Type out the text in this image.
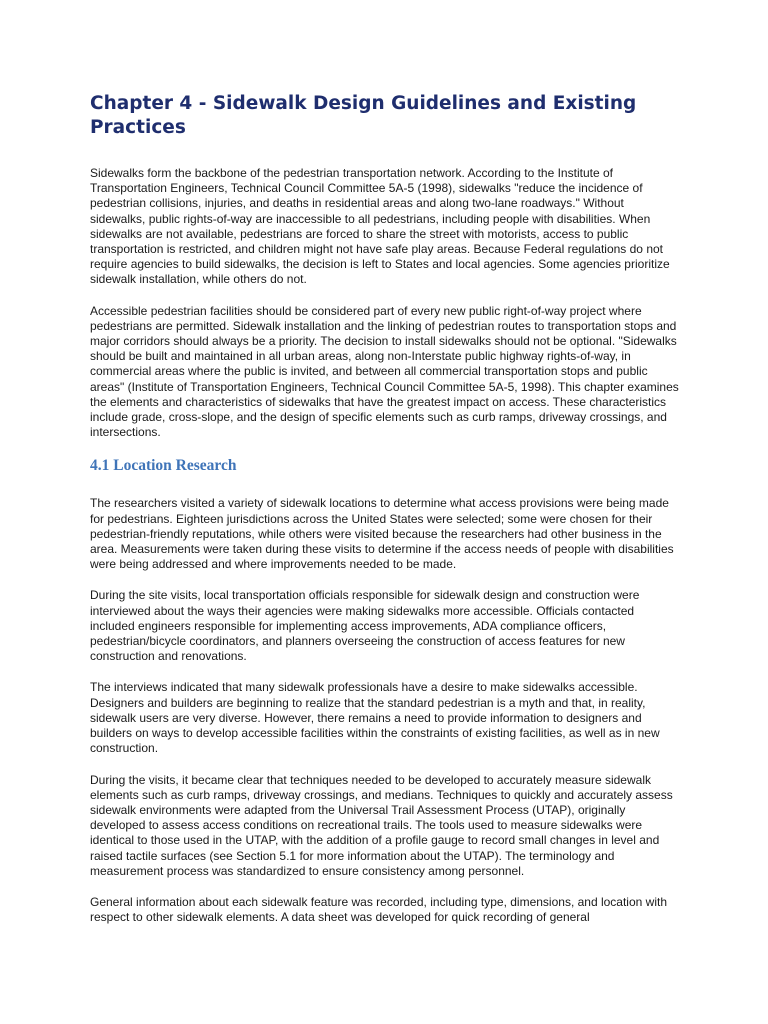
Chapter 4 - Sidewalk Design Guidelines and Existing Practices

Sidewalks form the backbone of the pedestrian transportation network. According to the Institute of Transportation Engineers, Technical Council Committee 5A-5 (1998), sidewalks "reduce the incidence of pedestrian collisions, injuries, and deaths in residential areas and along two-lane roadways." Without sidewalks, public rights-of-way are inaccessible to all pedestrians, including people with disabilities. When sidewalks are not available, pedestrians are forced to share the street with motorists, access to public transportation is restricted, and children might not have safe play areas. Because Federal regulations do not require agencies to build sidewalks, the decision is left to States and local agencies. Some agencies prioritize sidewalk installation, while others do not.

Accessible pedestrian facilities should be considered part of every new public right-of-way project where pedestrians are permitted. Sidewalk installation and the linking of pedestrian routes to transportation stops and major corridors should always be a priority. The decision to install sidewalks should not be optional. "Sidewalks should be built and maintained in all urban areas, along non-Interstate public highway rights-of-way, in commercial areas where the public is invited, and between all commercial transportation stops and public areas" (Institute of Transportation Engineers, Technical Council Committee 5A-5, 1998). This chapter examines the elements and characteristics of sidewalks that have the greatest impact on access. These characteristics include grade, cross-slope, and the design of specific elements such as curb ramps, driveway crossings, and intersections.

4.1 Location Research

The researchers visited a variety of sidewalk locations to determine what access provisions were being made for pedestrians. Eighteen jurisdictions across the United States were selected; some were chosen for their pedestrian-friendly reputations, while others were visited because the researchers had other business in the area. Measurements were taken during these visits to determine if the access needs of people with disabilities were being addressed and where improvements needed to be made.

During the site visits, local transportation officials responsible for sidewalk design and construction were interviewed about the ways their agencies were making sidewalks more accessible. Officials contacted included engineers responsible for implementing access improvements, ADA compliance officers, pedestrian/bicycle coordinators, and planners overseeing the construction of access features for new construction and renovations.

The interviews indicated that many sidewalk professionals have a desire to make sidewalks accessible. Designers and builders are beginning to realize that the standard pedestrian is a myth and that, in reality, sidewalk users are very diverse. However, there remains a need to provide information to designers and builders on ways to develop accessible facilities within the constraints of existing facilities, as well as in new construction.

During the visits, it became clear that techniques needed to be developed to accurately measure sidewalk elements such as curb ramps, driveway crossings, and medians. Techniques to quickly and accurately assess sidewalk environments were adapted from the Universal Trail Assessment Process (UTAP), originally developed to assess access conditions on recreational trails. The tools used to measure sidewalks were identical to those used in the UTAP, with the addition of a profile gauge to record small changes in level and raised tactile surfaces (see Section 5.1 for more information about the UTAP). The terminology and measurement process was standardized to ensure consistency among personnel.

General information about each sidewalk feature was recorded, including type, dimensions, and location with respect to other sidewalk elements. A data sheet was developed for quick recording of general
